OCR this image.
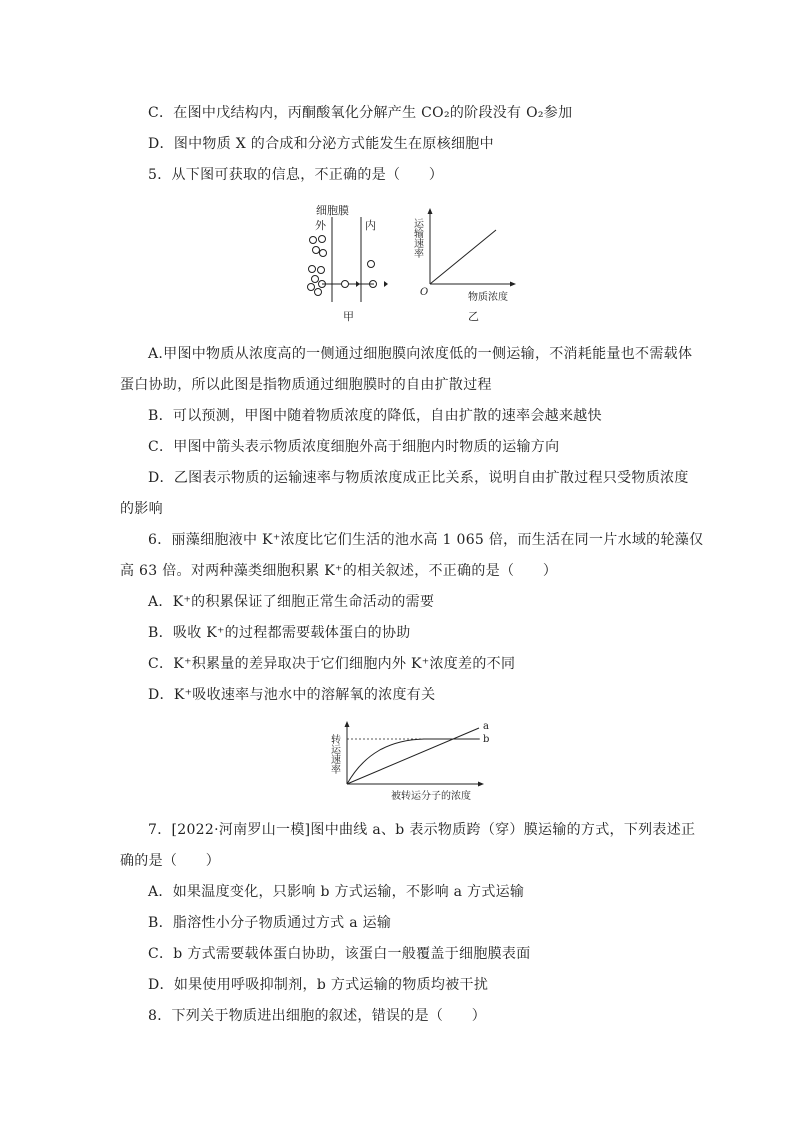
C．在图中戊结构内，丙酮酸氧化分解产生 CO₂的阶段没有 O₂参加
D．图中物质 X 的合成和分泌方式能发生在原核细胞中
5．从下图可获取的信息，不正确的是（　　）
细胞膜
外	内
甲
运输速率
O	物质浓度
乙
A.甲图中物质从浓度高的一侧通过细胞膜向浓度低的一侧运输，不消耗能量也不需载体
蛋白协助，所以此图是指物质通过细胞膜时的自由扩散过程
B．可以预测，甲图中随着物质浓度的降低，自由扩散的速率会越来越快
C．甲图中箭头表示物质浓度细胞外高于细胞内时物质的运输方向
D．乙图表示物质的运输速率与物质浓度成正比关系，说明自由扩散过程只受物质浓度
的影响
6．丽藻细胞液中 K⁺浓度比它们生活的池水高 1 065 倍，而生活在同一片水域的轮藻仅
高 63 倍。对两种藻类细胞积累 K⁺的相关叙述，不正确的是（　　）
A．K⁺的积累保证了细胞正常生命活动的需要
B．吸收 K⁺的过程都需要载体蛋白的协助
C．K⁺积累量的差异取决于它们细胞内外 K⁺浓度差的不同
D．K⁺吸收速率与池水中的溶解氧的浓度有关
转运速率
a
b
被转运分子的浓度
7．[2022·河南罗山一模]图中曲线 a、b 表示物质跨（穿）膜运输的方式，下列表述正
确的是（　　）
A．如果温度变化，只影响 b 方式运输，不影响 a 方式运输
B．脂溶性小分子物质通过方式 a 运输
C．b 方式需要载体蛋白协助，该蛋白一般覆盖于细胞膜表面
D．如果使用呼吸抑制剂，b 方式运输的物质均被干扰
8．下列关于物质进出细胞的叙述，错误的是（　　）
